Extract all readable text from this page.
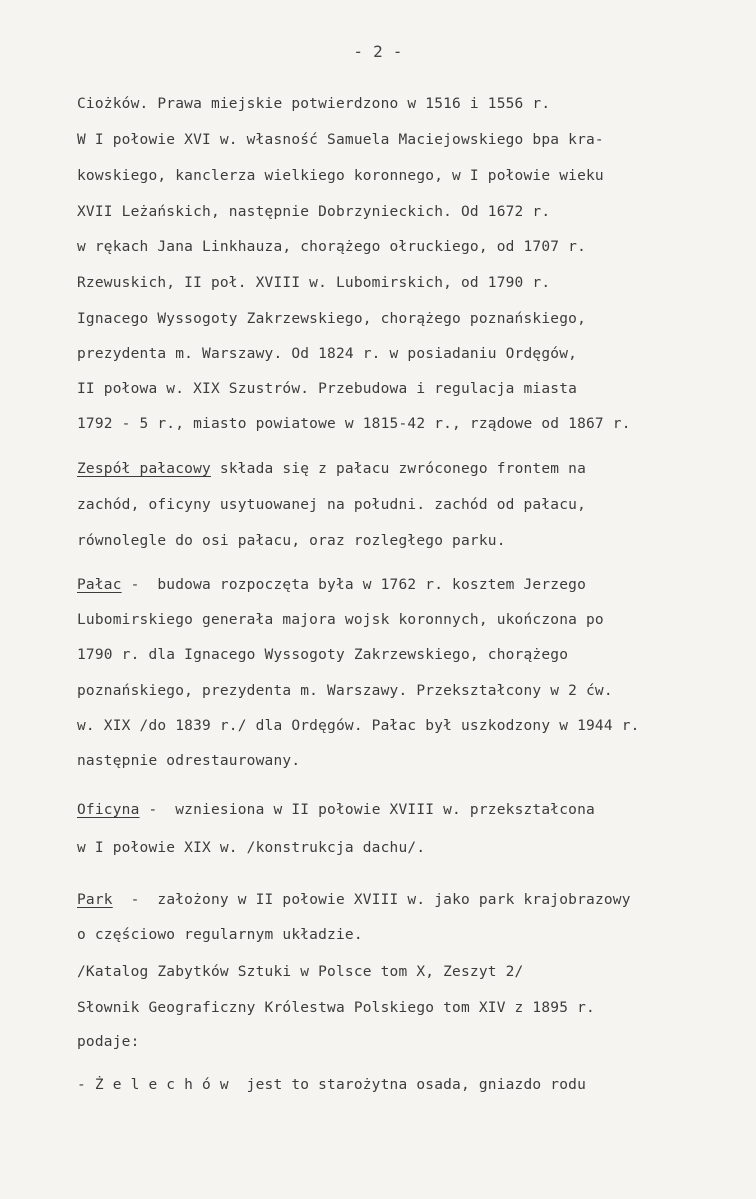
- 2 -
Ciożków. Prawa miejskie potwierdzono w 1516 i 1556 r.
W I połowie XVI w. własność Samuela Maciejowskiego bpa kra-
kowskiego, kanclerza wielkiego koronnego, w I połowie wieku
XVII Leżańskich, następnie Dobrzynieckich. Od 1672 r.
w rękach Jana Linkhauza, chorążego ołruckiego, od 1707 r.
Rzewuskich, II poł. XVIII w. Lubomirskich, od 1790 r.
Ignacego Wyssogoty Zakrzewskiego, chorążego poznańskiego,
prezydenta m. Warszawy. Od 1824 r. w posiadaniu Ordęgów,
II połowa w. XIX Szustrów. Przebudowa i regulacja miasta
1792 - 5 r., miasto powiatowe w 1815-42 r., rządowe od 1867 r.
Zespół pałacowy składa się z pałacu zwróconego frontem na
zachód, oficyny usytuowanej na południ. zachód od pałacu,
równolegle do osi pałacu, oraz rozległego parku.
Pałac -  budowa rozpoczęta była w 1762 r. kosztem Jerzego
Lubomirskiego generała majora wojsk koronnych, ukończona po
1790 r. dla Ignacego Wyssogoty Zakrzewskiego, chorążego
poznańskiego, prezydenta m. Warszawy. Przekształcony w 2 ćw.
w. XIX /do 1839 r./ dla Ordęgów. Pałac był uszkodzony w 1944 r.
następnie odrestaurowany.
Oficyna -  wzniesiona w II połowie XVIII w. przekształcona
w I połowie XIX w. /konstrukcja dachu/.
Park  -  założony w II połowie XVIII w. jako park krajobrazowy
o częściowo regularnym układzie.
/Katalog Zabytków Sztuki w Polsce tom X, Zeszyt 2/
Słownik Geograficzny Królestwa Polskiego tom XIV z 1895 r.
podaje:
- Ż e l e c h ó w  jest to starożytna osada, gniazdo rodu
